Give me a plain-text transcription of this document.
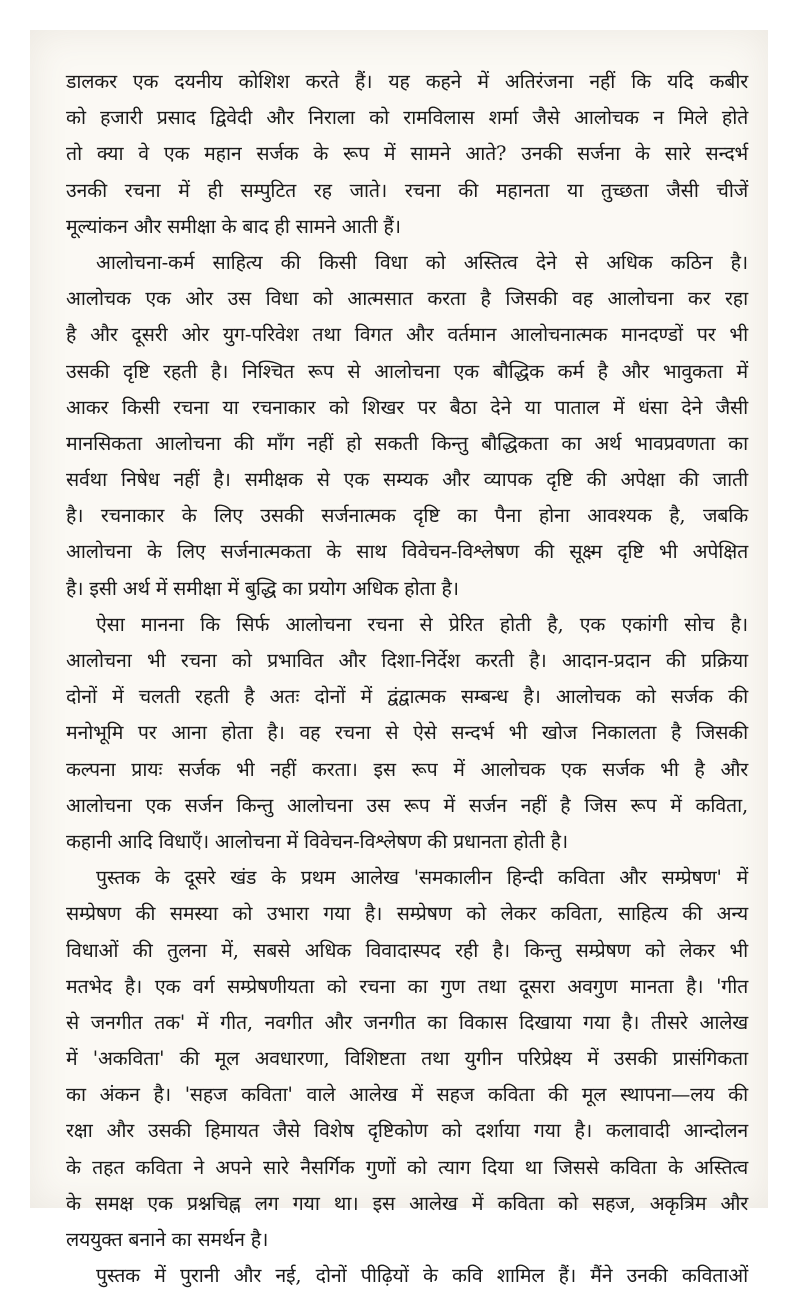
डालकर एक दयनीय कोशिश करते हैं। यह कहने में अतिरंजना नहीं कि यदि कबीर
को हजारी प्रसाद द्विवेदी और निराला को रामविलास शर्मा जैसे आलोचक न मिले होते
तो क्या वे एक महान सर्जक के रूप में सामने आते? उनकी सर्जना के सारे सन्दर्भ
उनकी रचना में ही सम्पुटित रह जाते। रचना की महानता या तुच्छता जैसी चीजें
मूल्यांकन और समीक्षा के बाद ही सामने आती हैं।
आलोचना-कर्म साहित्य की किसी विधा को अस्तित्व देने से अधिक कठिन है।
आलोचक एक ओर उस विधा को आत्मसात करता है जिसकी वह आलोचना कर रहा
है और दूसरी ओर युग-परिवेश तथा विगत और वर्तमान आलोचनात्मक मानदण्डों पर भी
उसकी दृष्टि रहती है। निश्चित रूप से आलोचना एक बौद्धिक कर्म है और भावुकता में
आकर किसी रचना या रचनाकार को शिखर पर बैठा देने या पाताल में धंसा देने जैसी
मानसिकता आलोचना की माँग नहीं हो सकती किन्तु बौद्धिकता का अर्थ भावप्रवणता का
सर्वथा निषेध नहीं है। समीक्षक से एक सम्यक और व्यापक दृष्टि की अपेक्षा की जाती
है। रचनाकार के लिए उसकी सर्जनात्मक दृष्टि का पैना होना आवश्यक है, जबकि
आलोचना के लिए सर्जनात्मकता के साथ विवेचन-विश्लेषण की सूक्ष्म दृष्टि भी अपेक्षित
है। इसी अर्थ में समीक्षा में बुद्धि का प्रयोग अधिक होता है।
ऐसा मानना कि सिर्फ आलोचना रचना से प्रेरित होती है, एक एकांगी सोच है।
आलोचना भी रचना को प्रभावित और दिशा-निर्देश करती है। आदान-प्रदान की प्रक्रिया
दोनों में चलती रहती है अतः दोनों में द्वंद्वात्मक सम्बन्ध है। आलोचक को सर्जक की
मनोभूमि पर आना होता है। वह रचना से ऐसे सन्दर्भ भी खोज निकालता है जिसकी
कल्पना प्रायः सर्जक भी नहीं करता। इस रूप में आलोचक एक सर्जक भी है और
आलोचना एक सर्जन किन्तु आलोचना उस रूप में सर्जन नहीं है जिस रूप में कविता,
कहानी आदि विधाएँ। आलोचना में विवेचन-विश्लेषण की प्रधानता होती है।
पुस्तक के दूसरे खंड के प्रथम आलेख 'समकालीन हिन्दी कविता और सम्प्रेषण' में
सम्प्रेषण की समस्या को उभारा गया है। सम्प्रेषण को लेकर कविता, साहित्य की अन्य
विधाओं की तुलना में, सबसे अधिक विवादास्पद रही है। किन्तु सम्प्रेषण को लेकर भी
मतभेद है। एक वर्ग सम्प्रेषणीयता को रचना का गुण तथा दूसरा अवगुण मानता है। 'गीत
से जनगीत तक' में गीत, नवगीत और जनगीत का विकास दिखाया गया है। तीसरे आलेख
में 'अकविता' की मूल अवधारणा, विशिष्टता तथा युगीन परिप्रेक्ष्य में उसकी प्रासंगिकता
का अंकन है। 'सहज कविता' वाले आलेख में सहज कविता की मूल स्थापना—लय की
रक्षा और उसकी हिमायत जैसे विशेष दृष्टिकोण को दर्शाया गया है। कलावादी आन्दोलन
के तहत कविता ने अपने सारे नैसर्गिक गुणों को त्याग दिया था जिससे कविता के अस्तित्व
के समक्ष एक प्रश्नचिह्न लग गया था। इस आलेख में कविता को सहज, अकृत्रिम और
लययुक्त बनाने का समर्थन है।
पुस्तक में पुरानी और नई, दोनों पीढ़ियों के कवि शामिल हैं। मैंने उनकी कविताओं
